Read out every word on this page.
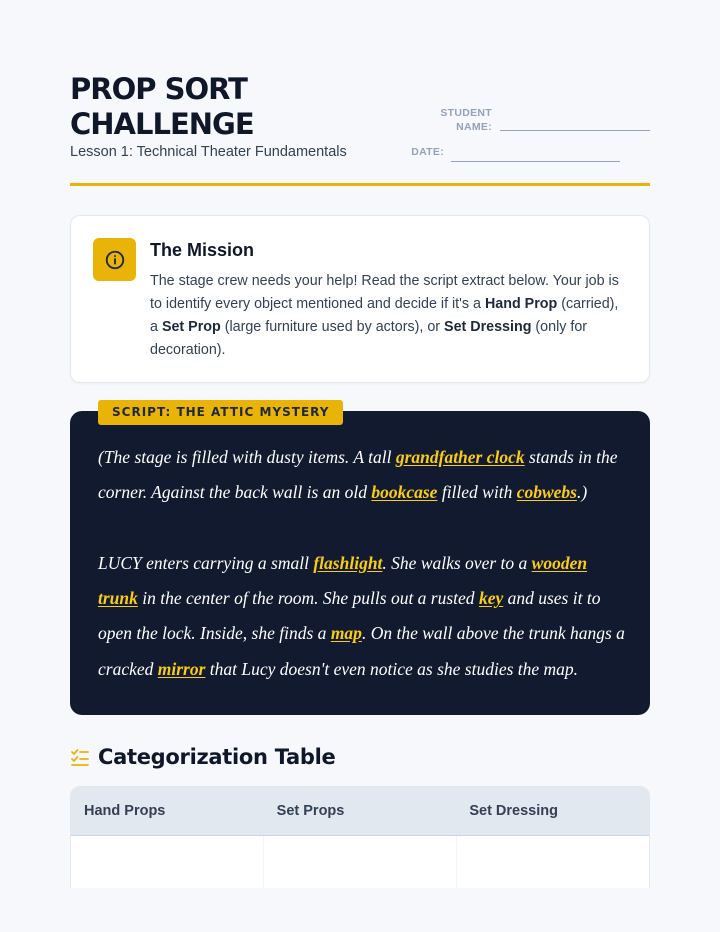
PROP SORT CHALLENGE
Lesson 1: Technical Theater Fundamentals
STUDENT
NAME:
DATE:
The Mission
The stage crew needs your help! Read the script extract below. Your job is to identify every object mentioned and decide if it's a Hand Prop (carried), a Set Prop (large furniture used by actors), or Set Dressing (only for decoration).
SCRIPT: THE ATTIC MYSTERY

(The stage is filled with dusty items. A tall grandfather clock stands in the corner. Against the back wall is an old bookcase filled with cobwebs.)

LUCY enters carrying a small flashlight. She walks over to a wooden trunk in the center of the room. She pulls out a rusted key and uses it to open the lock. Inside, she finds a map. On the wall above the trunk hangs a cracked mirror that Lucy doesn't even notice as she studies the map.

Categorization Table
Hand Props	Set Props	Set Dressing
